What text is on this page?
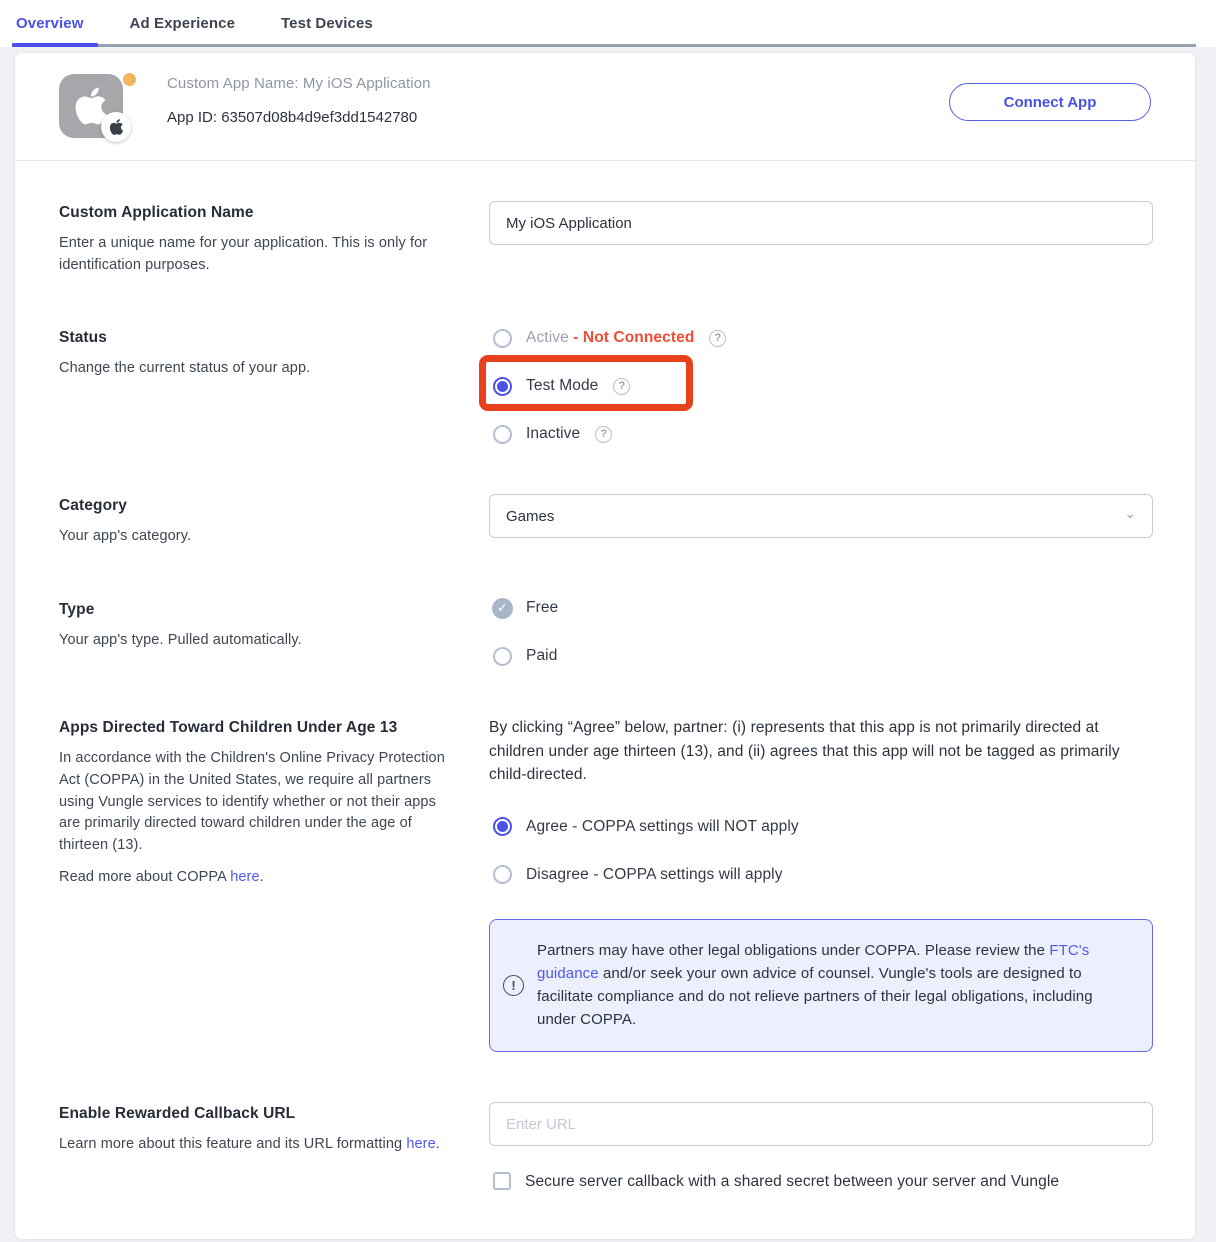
Overview	Ad Experience	Test Devices
Custom App Name: My iOS Application
App ID: 63507d08b4d9ef3dd1542780
Connect App
Custom Application Name

Enter a unique name for your application. This is only for identification purposes.

My iOS Application
Status

Change the current status of your app.

Active - Not Connected	?
Test Mode	?
Inactive	?
Category

Your app's category.

Games	⌄
Type

Your app's type. Pulled automatically.

✓	Free
Paid
Apps Directed Toward Children Under Age 13

In accordance with the Children's Online Privacy Protection Act (COPPA) in the United States, we require all partners using Vungle services to identify whether or not their apps are primarily directed toward children under the age of thirteen (13).

Read more about COPPA here.

By clicking “Agree” below, partner: (i) represents that this app is not primarily directed at children under age thirteen (13), and (ii) agrees that this app will not be tagged as primarily child-directed.

Agree - COPPA settings will NOT apply
Disagree - COPPA settings will apply
!

Partners may have other legal obligations under COPPA. Please review the FTC's guidance and/or seek your own advice of counsel. Vungle's tools are designed to facilitate compliance and do not relieve partners of their legal obligations, including under COPPA.

Enable Rewarded Callback URL

Learn more about this feature and its URL formatting here.

Enter URL
Secure server callback with a shared secret between your server and Vungle
